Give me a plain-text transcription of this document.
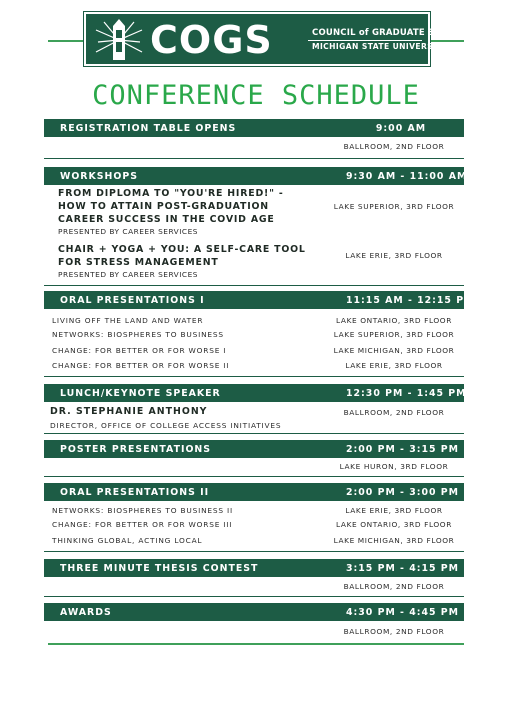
COGS	COUNCIL of GRADUATE STUDENTS
MICHIGAN STATE UNIVERSITY
CONFERENCE SCHEDULE
REGISTRATION TABLE OPENS	9:00 AM
BALLROOM, 2ND FLOOR
WORKSHOPS	9:30 AM - 11:00 AM
FROM DIPLOMA TO "YOU'RE HIRED!" - HOW TO ATTAIN POST-GRADUATION CAREER SUCCESS IN THE COVID AGE
PRESENTED BY CAREER SERVICES
LAKE SUPERIOR, 3RD FLOOR
CHAIR + YOGA + YOU: A SELF-CARE TOOL FOR STRESS MANAGEMENT
PRESENTED BY CAREER SERVICES
LAKE ERIE, 3RD FLOOR
ORAL PRESENTATIONS I	11:15 AM - 12:15 PM
LIVING OFF THE LAND AND WATER	LAKE ONTARIO, 3RD FLOOR
NETWORKS: BIOSPHERES TO BUSINESS	LAKE SUPERIOR, 3RD FLOOR
CHANGE: FOR BETTER OR FOR WORSE I	LAKE MICHIGAN, 3RD FLOOR
CHANGE: FOR BETTER OR FOR WORSE II	LAKE ERIE, 3RD FLOOR
LUNCH/KEYNOTE SPEAKER	12:30 PM - 1:45 PM
DR. STEPHANIE ANTHONY
DIRECTOR, OFFICE OF COLLEGE ACCESS INITIATIVES
BALLROOM, 2ND FLOOR
POSTER PRESENTATIONS	2:00 PM - 3:15 PM
LAKE HURON, 3RD FLOOR
ORAL PRESENTATIONS II	2:00 PM - 3:00 PM
NETWORKS: BIOSPHERES TO BUSINESS II	LAKE ERIE, 3RD FLOOR
CHANGE: FOR BETTER OR FOR WORSE III	LAKE ONTARIO, 3RD FLOOR
THINKING GLOBAL, ACTING LOCAL	LAKE MICHIGAN, 3RD FLOOR
THREE MINUTE THESIS CONTEST	3:15 PM - 4:15 PM
BALLROOM, 2ND FLOOR
AWARDS	4:30 PM - 4:45 PM
BALLROOM, 2ND FLOOR
